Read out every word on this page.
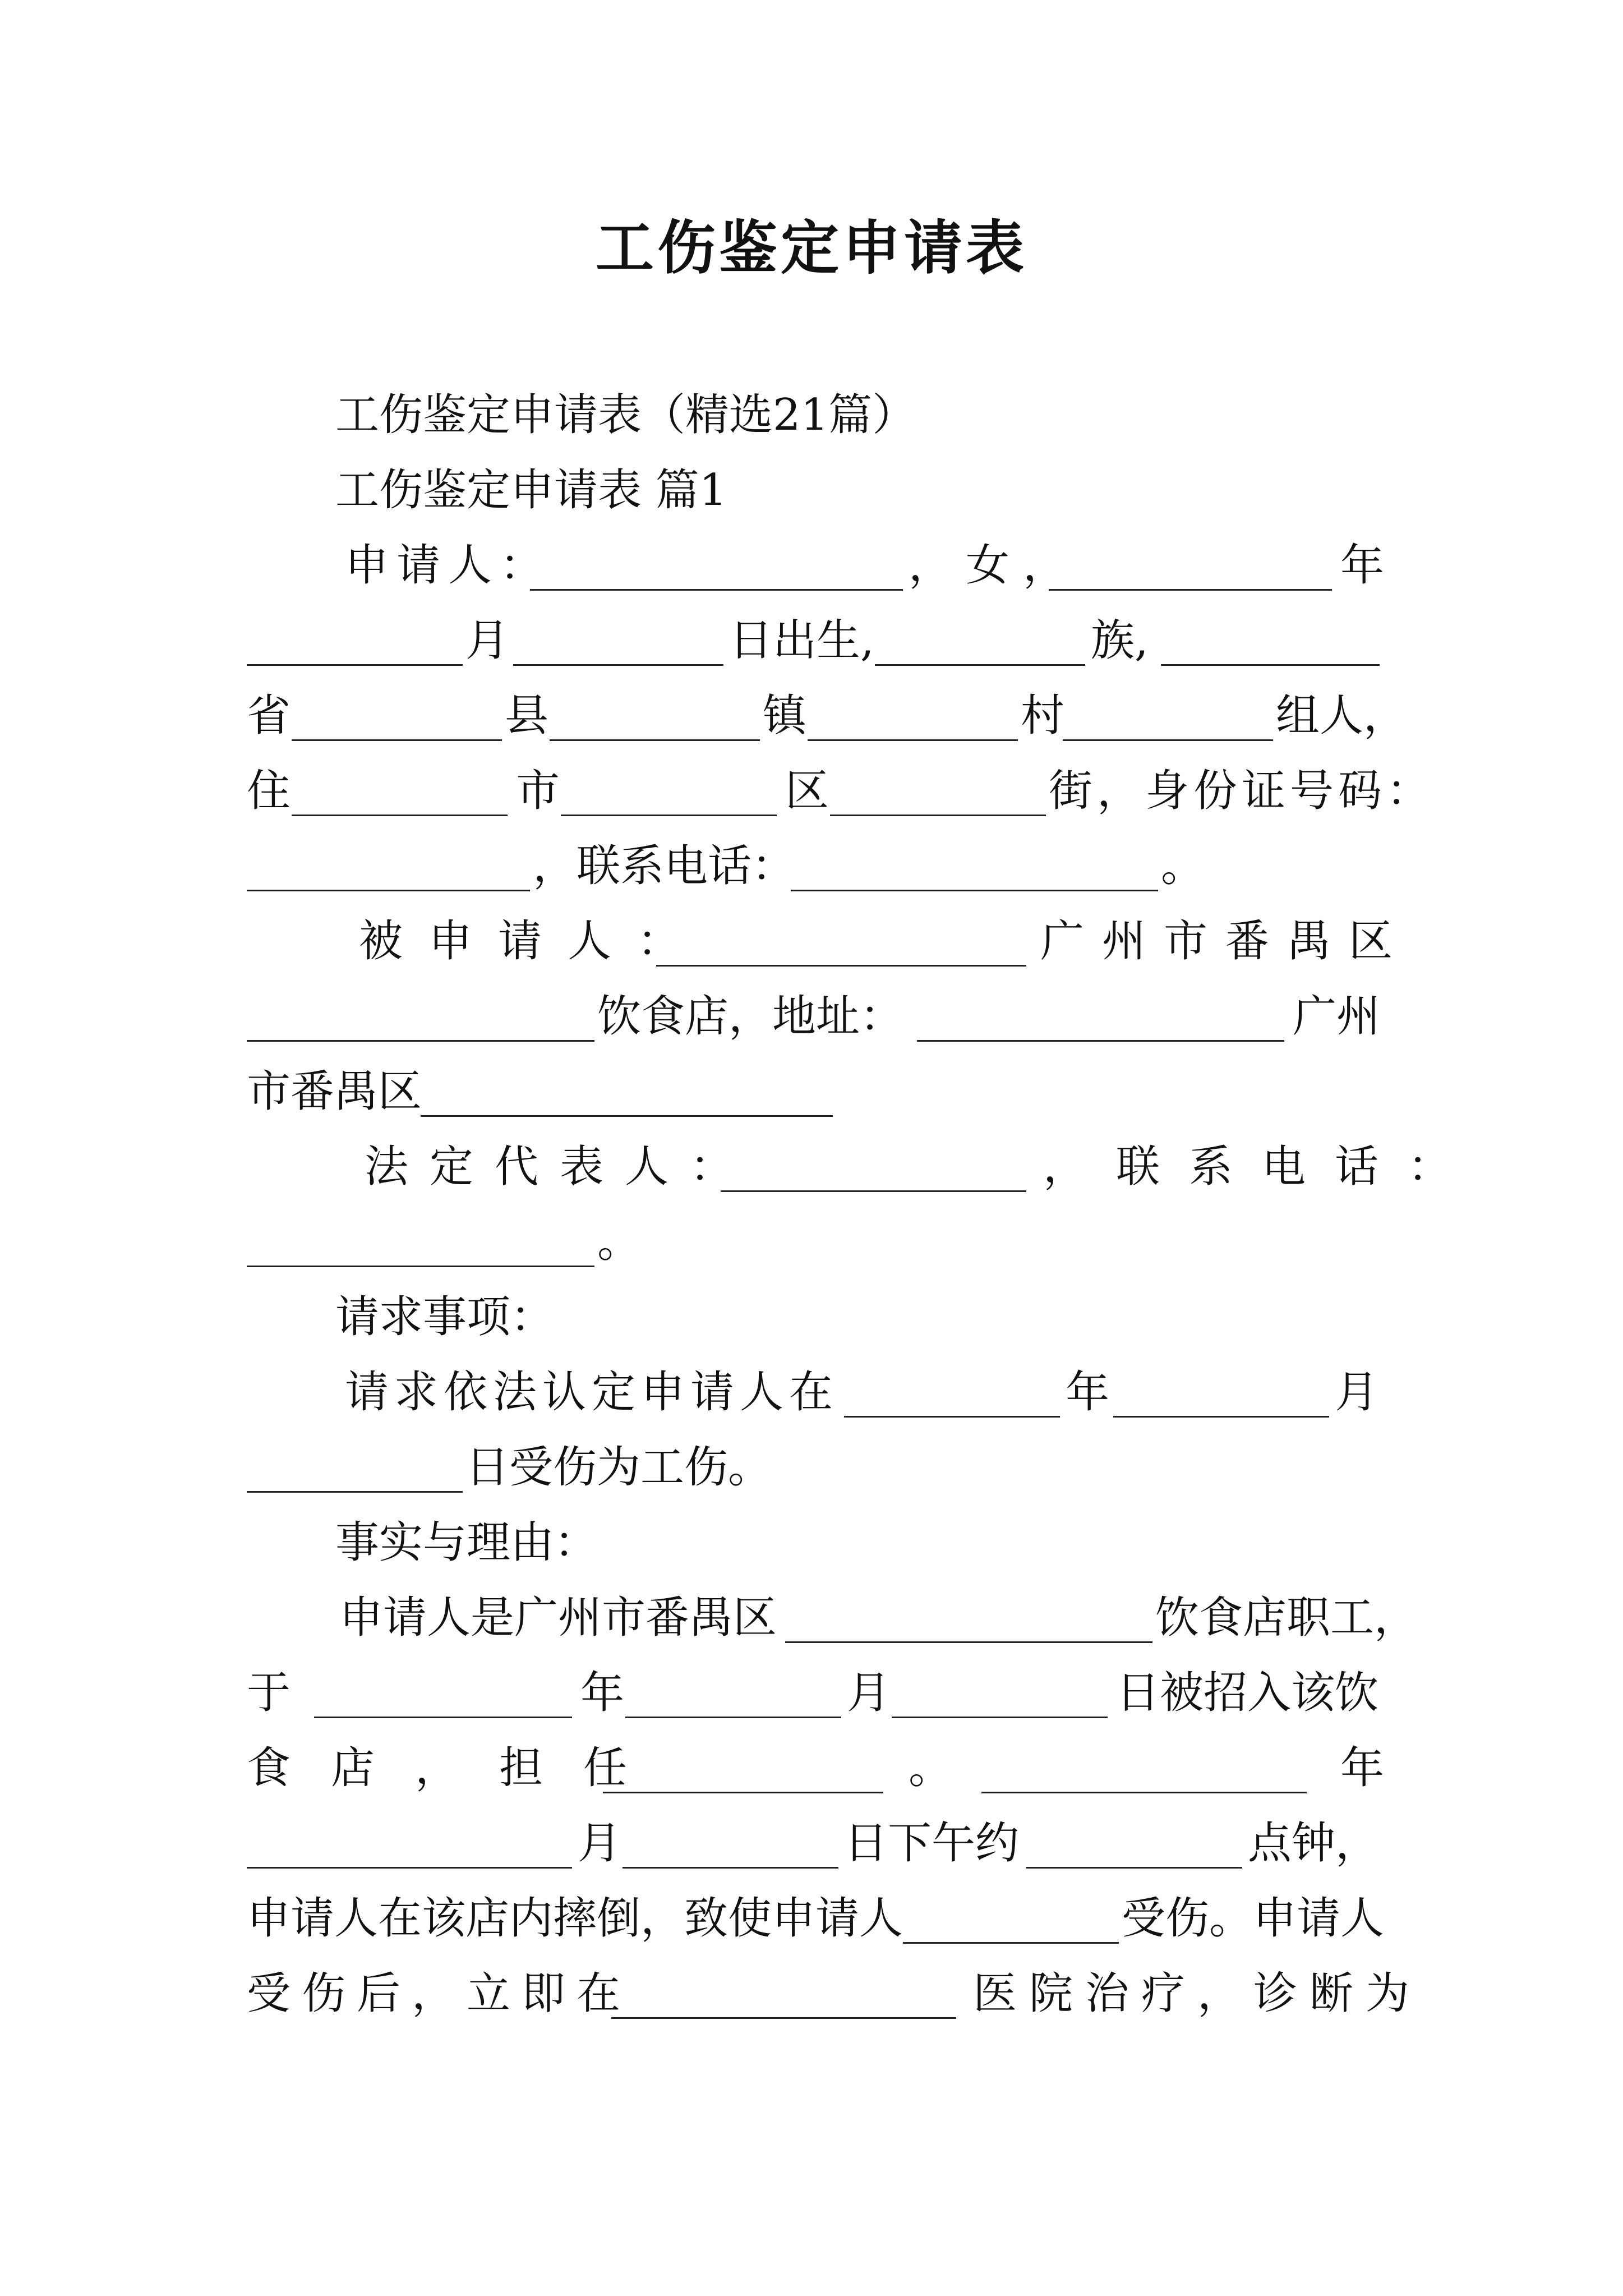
工伤鉴定申请表

工伤鉴定申请表（精选21篇）

工伤鉴定申请表 篇1

申请人：

	，女，

	年

月

	日出生,

	族,

省

	县

	镇

	村

	组人，

住

	市

	区

	街，身份证号码：

，联系电话：

	。

被申请人：

	广州市番禺区

饮食店，地址：

	广州

市番禺区

法定代表人：

	，联系电话：

。

请求事项：

请求依法认定申请人在

	年

	月

日受伤为工伤。

事实与理由：

申请人是广州市番禺区

	饮食店职工，

于

	年

	月

	日被招入该饮

食店，担任

	。

	年

月

	日下午约

	点钟，

申请人在该店内摔倒，致使申请人

	受伤。申请人

受伤后，立即在

	医院治疗，诊断为
